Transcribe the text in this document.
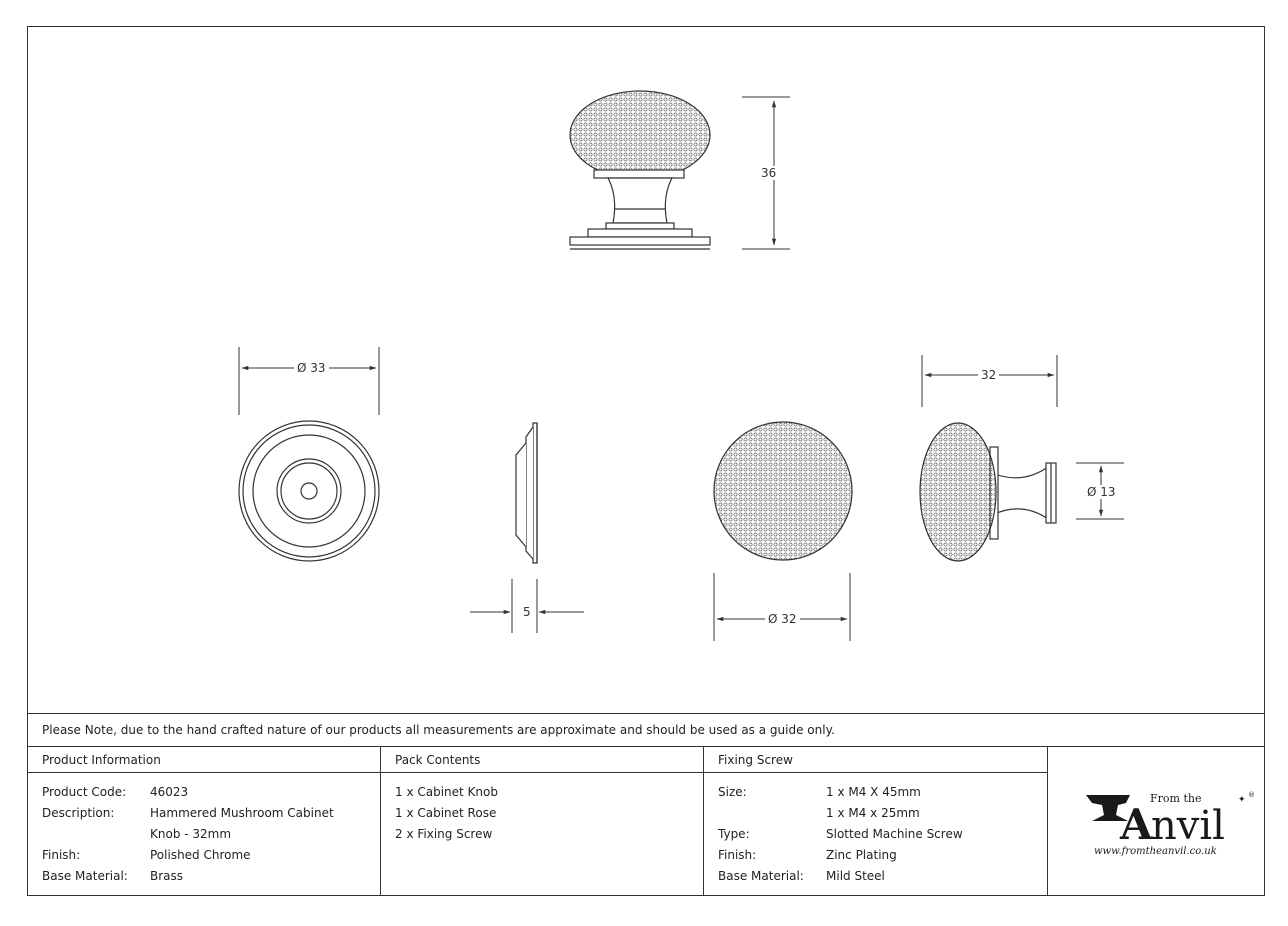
36
Ø 33
5	Ø 32
32
Ø 13
Please Note, due to the hand crafted nature of our products all measurements are approximate and should be used as a guide only.
Product Information
Product Code:	46023
Description:	Hammered Mushroom Cabinet
Knob - 32mm
Finish:	Polished Chrome
Base Material:	Brass
Pack Contents
1 x Cabinet Knob
1 x Cabinet Rose
2 x Fixing Screw
Fixing Screw
Size:	1 x M4 X 45mm
1 x M4 x 25mm
Type:	Slotted Machine Screw
Finish:	Zinc Plating
Base Material:	Mild Steel
A
nvil
From the	✦ ®
www.fromtheanvil.co.uk
